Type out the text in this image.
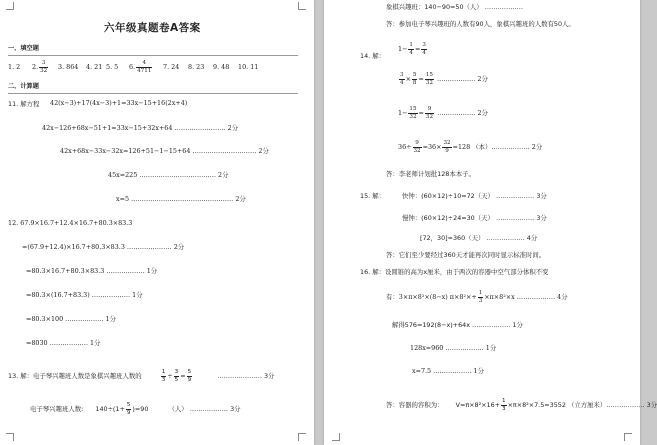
六年级真题卷A答案
一、填空题
1. 2 2. $\frac{3}{32} 3$. 864 4. 21 5. 5 6. $\frac{4}{4711} 7$. 24 8. 23 9. 48 10. 11
二、计算题
11. 解方程 42(x−3)+17(4x−3)+1=33x−15+16(2x+4)
42x−126+68x−51+1=33x−15+32x+64 …………………… 2分
42x+68x−33x−32x=126+51−1−15+64 ………………………… 2分
45x=225 ……………………………… 2分
x=5 ………………………………………… 2分
12. 67.9×16.7+12.4×16.7+80.3×83.3
=(67.9+12.4)×16.7+80.3×83.3 ………………… 2分
=80.3×16.7+80.3×83.3 ……………… 1分
=80.3×(16.7+83.3) ……………… 1分
=80.3×100 ……………… 1分
=8030 ……………… 1分
13. 解：电子琴兴趣班人数是象棋兴趣班人数的	$\frac{1}{3} \div \frac{3}{5} = \frac{5}{9}$	………………… 3分
电子琴兴趣班人数: $140\div(1+ \frac{5}{9} )=90$	（人） ……………… 3分
象棋兴趣班：140−90=50（人） ………………
答：参加电子琴兴趣班的人数有90人，象棋兴趣班的人数有50人。
14. 解：
$1- \frac{1}{4} = \frac{3}{4}$
$\frac{3}{4} \times \frac{5}{8} = \frac{15}{32}$ ……………… 2分
$1- \frac{15}{32} = \frac{9}{32}$ ……………… 2分
$36\div \frac{9}{32} =36\times \frac{32}{9} =128$ （本）……………… 2分
答：李老师计划批128本本子。
15. 解：	快钟：(60×12)÷10=72（天） ……………… 3分
慢钟：(60×12)÷24=30（天） ……………… 3分
[72，30]=360（天） ……………… 4分
答：它们至少要经过360天才能再次同时显示标准时间。
16. 解：设圆锥的高为x厘米，由于两次的容器中空气部分体积不变
有：3×π×8²×(8−x) $\pi\times 8^2\times+ \frac{1}{3} \times\pi\times 8^2\times x$ ……………… 4分
解得576=192(8−x)+64x ……………… 1分
128x=960 ……………… 1分
x=7.5 ……………… 1分
答：容器的容积为： $V=\pi\times 8^2\times 16+ \frac{1}{3} \times\pi\times 8^2\times 7.5=3552$ （立方厘米）……………… 3分
